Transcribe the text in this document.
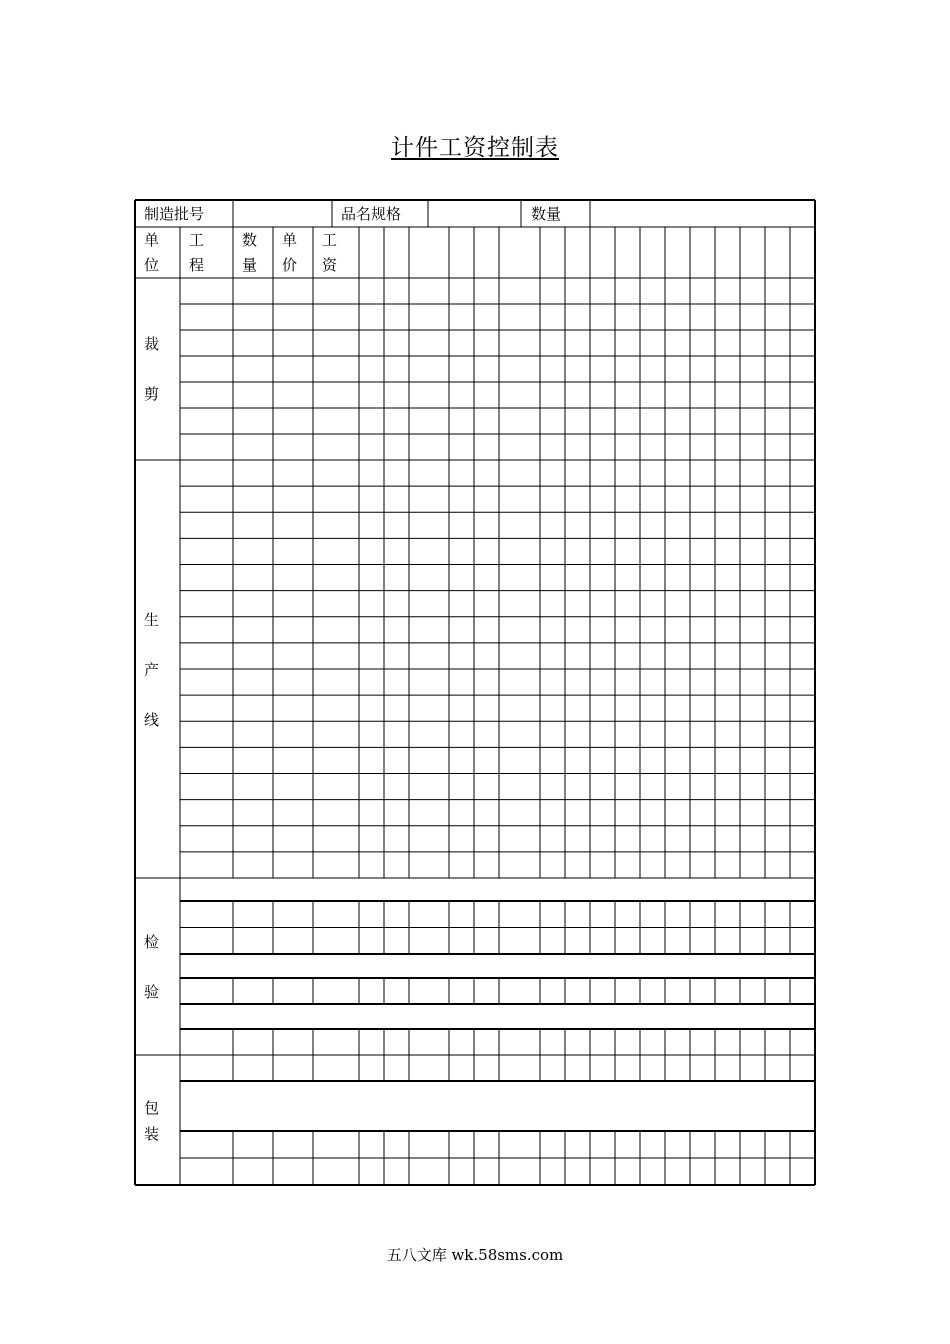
计件工资控制表
制造批号	品名规格	数量
单
位
工
程
数
量
单
价
工
资
裁
剪
生
产
线
检
验
包
装
五八文库 wk.58sms.com
